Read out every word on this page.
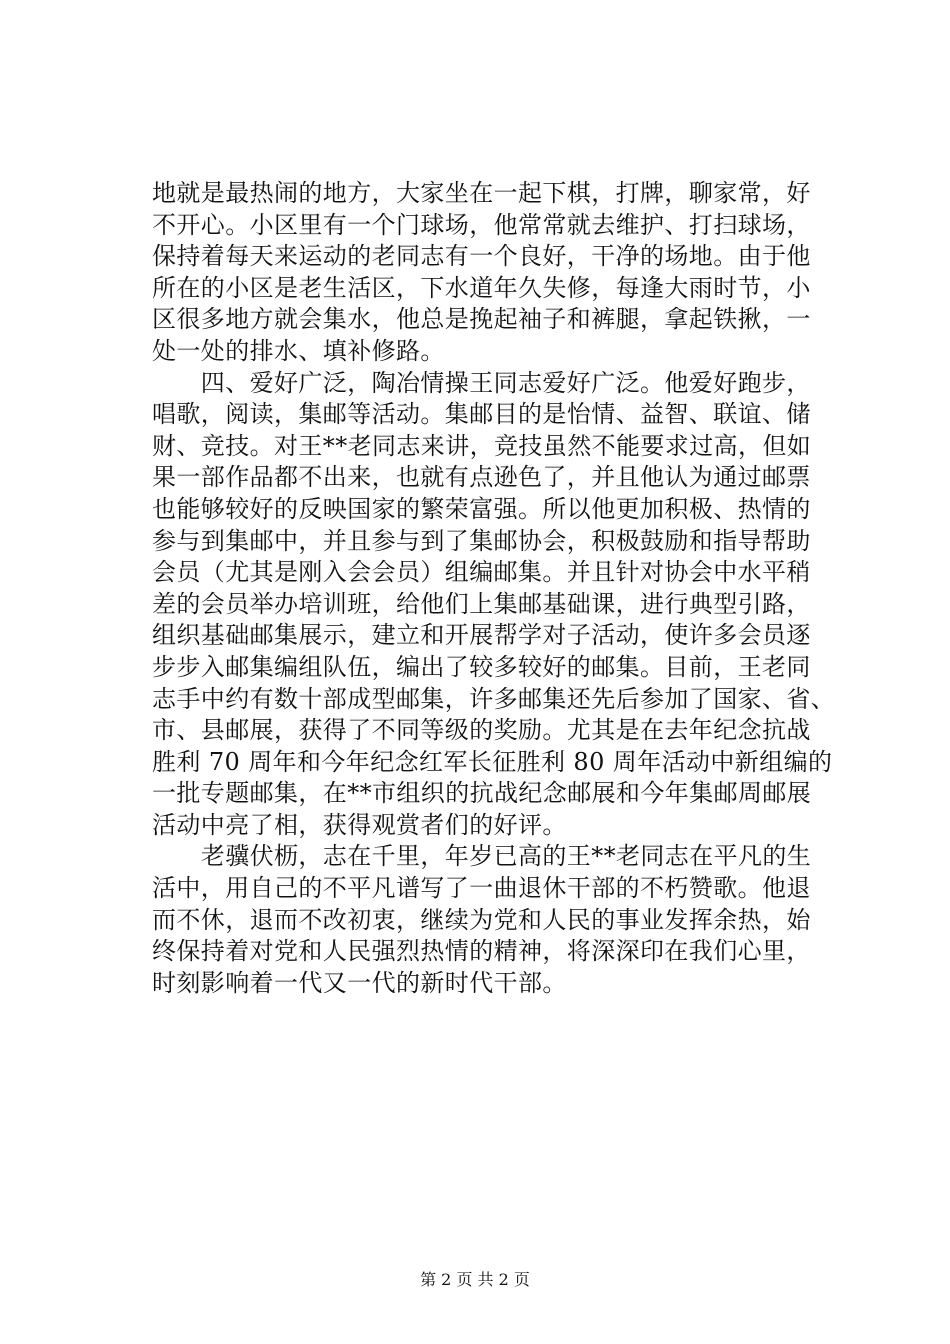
地就是最热闹的地方，大家坐在一起下棋，打牌，聊家常，好
不开心。小区里有一个门球场，他常常就去维护、打扫球场，
保持着每天来运动的老同志有一个良好，干净的场地。由于他
所在的小区是老生活区，下水道年久失修，每逢大雨时节，小
区很多地方就会集水，他总是挽起袖子和裤腿，拿起铁揪，一
处一处的排水、填补修路。
　　四、爱好广泛，陶冶情操王同志爱好广泛。他爱好跑步，
唱歌，阅读，集邮等活动。集邮目的是怡情、益智、联谊、储
财、竞技。对王**老同志来讲，竞技虽然不能要求过高，但如
果一部作品都不出来，也就有点逊色了，并且他认为通过邮票
也能够较好的反映国家的繁荣富强。所以他更加积极、热情的
参与到集邮中，并且参与到了集邮协会，积极鼓励和指导帮助
会员（尤其是刚入会会员）组编邮集。并且针对协会中水平稍
差的会员举办培训班，给他们上集邮基础课，进行典型引路，
组织基础邮集展示，建立和开展帮学对子活动，使许多会员逐
步步入邮集编组队伍，编出了较多较好的邮集。目前，王老同
志手中约有数十部成型邮集，许多邮集还先后参加了国家、省、
市、县邮展，获得了不同等级的奖励。尤其是在去年纪念抗战
胜利 70 周年和今年纪念红军长征胜利 80 周年活动中新组编的
一批专题邮集，在**市组织的抗战纪念邮展和今年集邮周邮展
活动中亮了相，获得观赏者们的好评。
　　老骥伏枥，志在千里，年岁已高的王**老同志在平凡的生
活中，用自己的不平凡谱写了一曲退休干部的不朽赞歌。他退
而不休，退而不改初衷，继续为党和人民的事业发挥余热，始
终保持着对党和人民强烈热情的精神，将深深印在我们心里，
时刻影响着一代又一代的新时代干部。
第 2 页 共 2 页
